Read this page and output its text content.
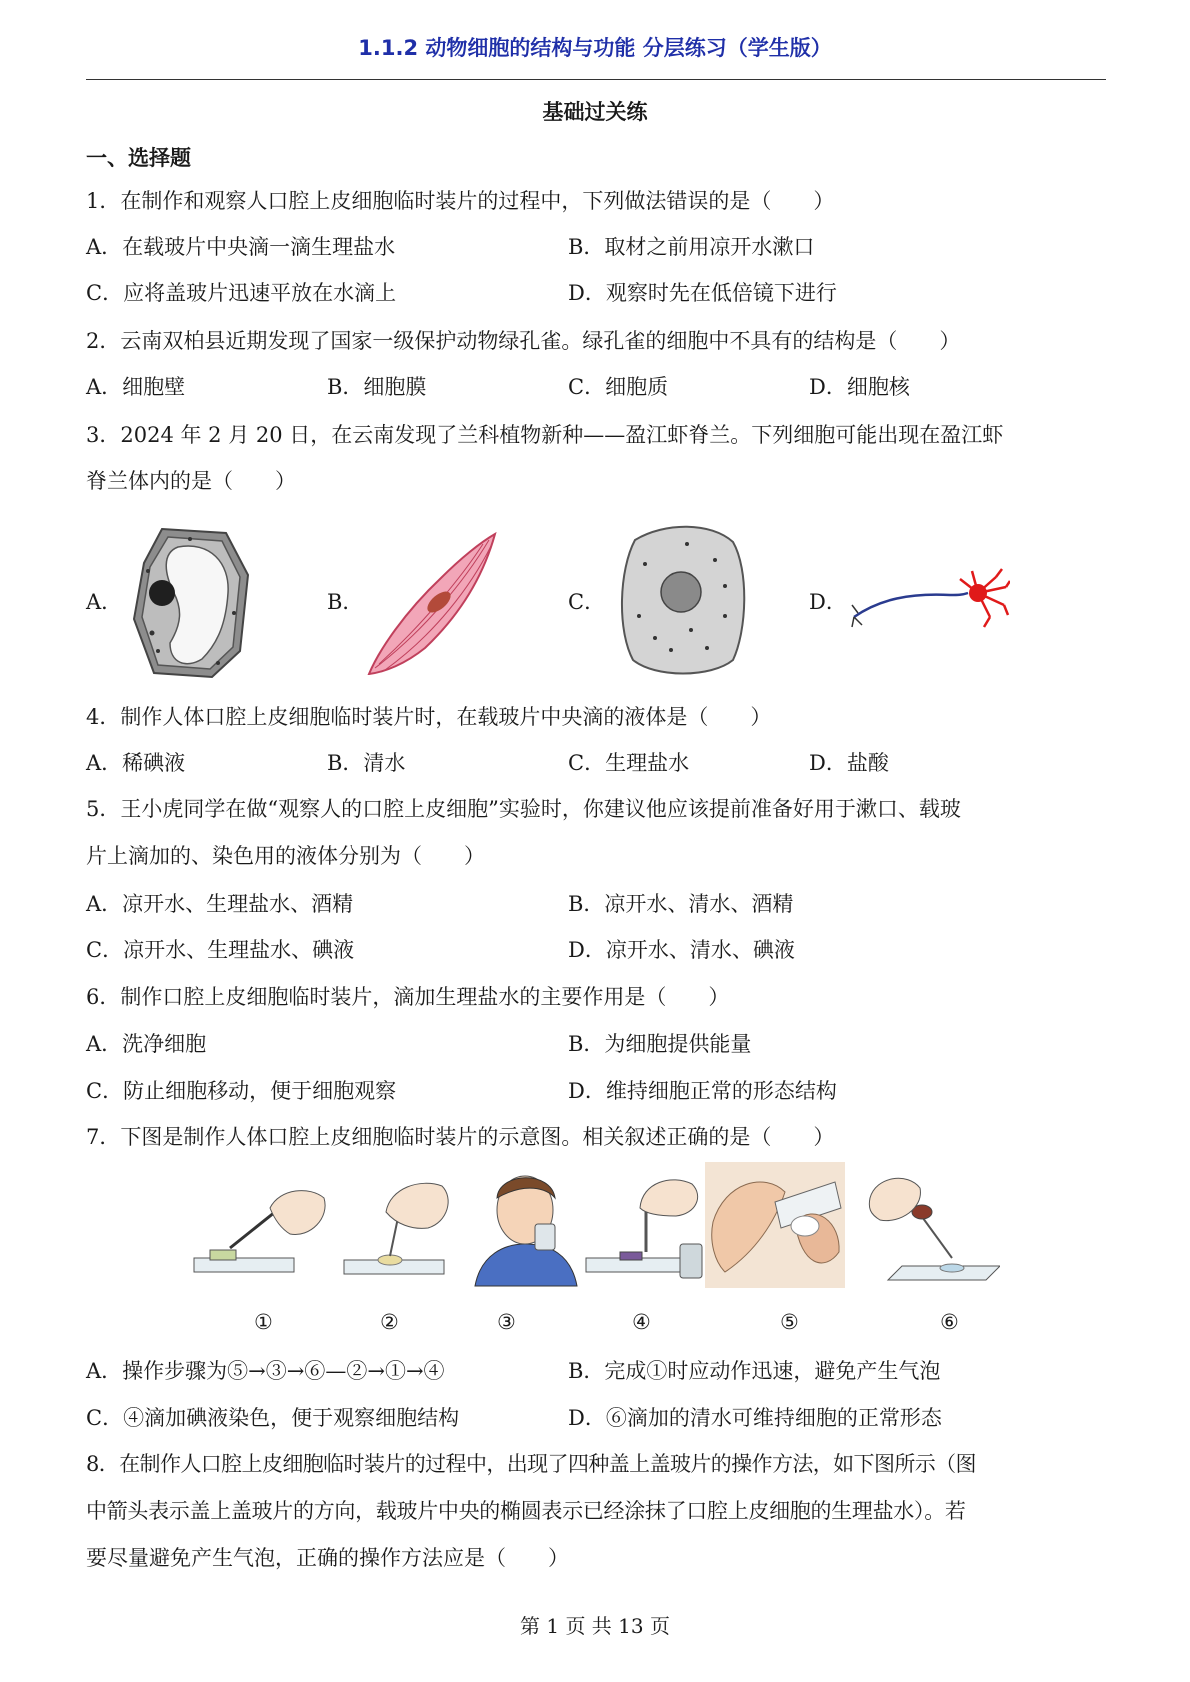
1.1.2 动物细胞的结构与功能 分层练习（学生版）
基础过关练
一、选择题
1．在制作和观察人口腔上皮细胞临时装片的过程中，下列做法错误的是（　　）
A．在载玻片中央滴一滴生理盐水	B．取材之前用凉开水漱口
C．应将盖玻片迅速平放在水滴上	D．观察时先在低倍镜下进行
2．云南双柏县近期发现了国家一级保护动物绿孔雀。绿孔雀的细胞中不具有的结构是（　　）
A．细胞壁	B．细胞膜	C．细胞质	D．细胞核
3．2024 年 2 月 20 日，在云南发现了兰科植物新种——盈江虾脊兰。下列细胞可能出现在盈江虾
脊兰体内的是（　　）
A．	B．	C．	D．
4．制作人体口腔上皮细胞临时装片时，在载玻片中央滴的液体是（　　）
A．稀碘液	B．清水	C．生理盐水	D．盐酸
5．王小虎同学在做“观察人的口腔上皮细胞”实验时，你建议他应该提前准备好用于漱口、载玻
片上滴加的、染色用的液体分别为（　　）
A．凉开水、生理盐水、酒精	B．凉开水、清水、酒精
C．凉开水、生理盐水、碘液	D．凉开水、清水、碘液
6．制作口腔上皮细胞临时装片，滴加生理盐水的主要作用是（　　）
A．洗净细胞	B．为细胞提供能量
C．防止细胞移动，便于细胞观察	D．维持细胞正常的形态结构
7．下图是制作人体口腔上皮细胞临时装片的示意图。相关叙述正确的是（　　）
①	②	③	④	⑤	⑥
A．操作步骤为⑤→③→⑥—②→①→④	B．完成①时应动作迅速，避免产生气泡
C．④滴加碘液染色，便于观察细胞结构	D．⑥滴加的清水可维持细胞的正常形态
8．在制作人口腔上皮细胞临时装片的过程中，出现了四种盖上盖玻片的操作方法，如下图所示（图
中箭头表示盖上盖玻片的方向，载玻片中央的椭圆表示已经涂抹了口腔上皮细胞的生理盐水）。若
要尽量避免产生气泡，正确的操作方法应是（　　）
第 1 页 共 13 页
